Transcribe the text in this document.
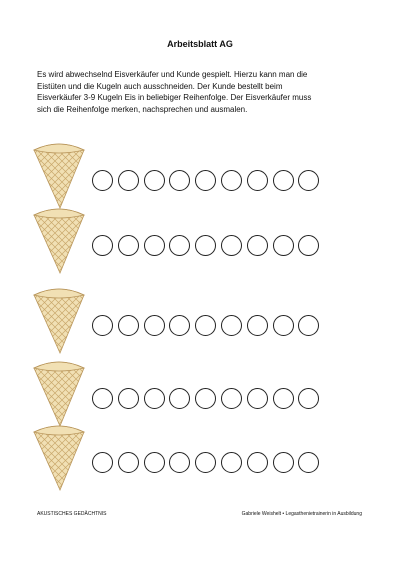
Arbeitsblatt AG
Es wird abwechselnd Eisverkäufer und Kunde gespielt. Hierzu kann man die
Eistüten und die Kugeln auch ausschneiden. Der Kunde bestellt beim
Eisverkäufer 3-9 Kugeln Eis in beliebiger Reihenfolge. Der Eisverkäufer muss
sich die Reihenfolge merken, nachsprechen und ausmalen.
AKUSTISCHES GEDÄCHTNIS	Gabriele Weishelt • Legasthenietrainerin in Ausbildung
